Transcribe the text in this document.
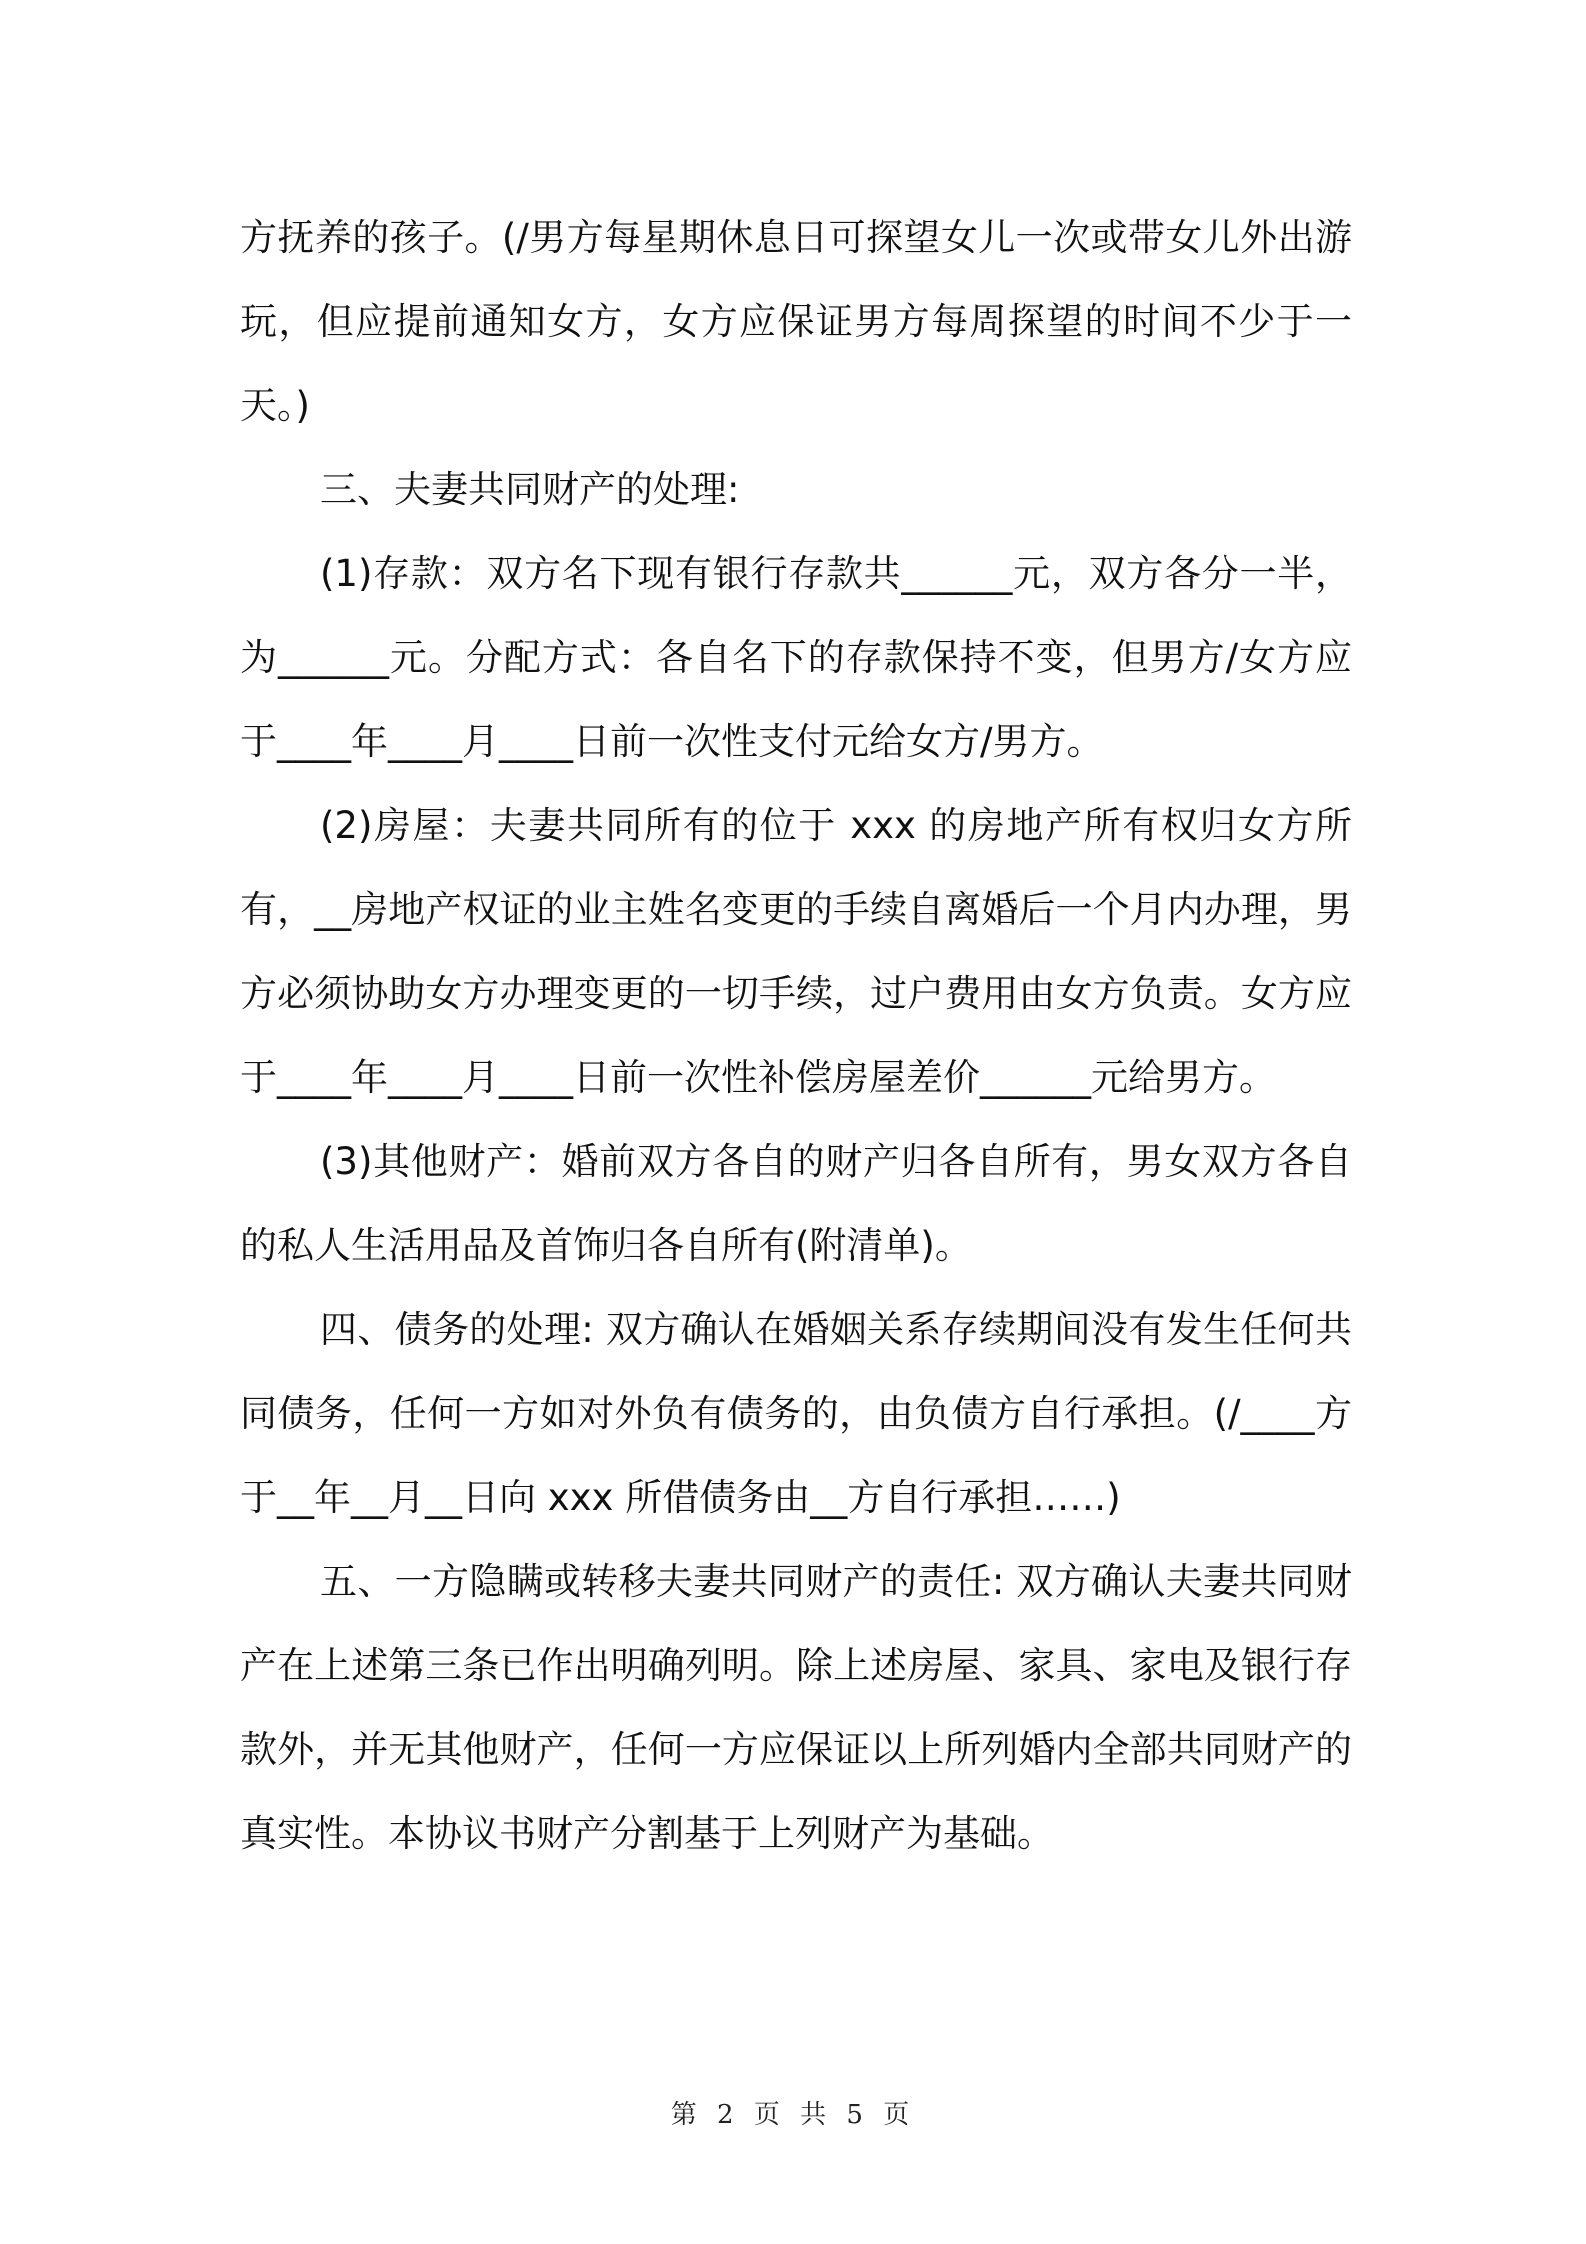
方抚养的孩子。(/男方每星期休息日可探望女儿一次或带女儿外出游玩，但应提前通知女方，女方应保证男方每周探望的时间不少于一天。)

三、夫妻共同财产的处理:

(1)存款：双方名下现有银行存款共______元，双方各分一半，为______元。分配方式：各自名下的存款保持不变，但男方/女方应于____年____月____日前一次性支付元给女方/男方。

(2)房屋：夫妻共同所有的位于 xxx 的房地产所有权归女方所有，__房地产权证的业主姓名变更的手续自离婚后一个月内办理，男方必须协助女方办理变更的一切手续，过户费用由女方负责。女方应于____年____月____日前一次性补偿房屋差价______元给男方。

(3)其他财产：婚前双方各自的财产归各自所有，男女双方各自的私人生活用品及首饰归各自所有(附清单)。

四、债务的处理: 双方确认在婚姻关系存续期间没有发生任何共同债务，任何一方如对外负有债务的，由负债方自行承担。(/____方于__年__月__日向 xxx 所借债务由__方自行承担……)

五、一方隐瞒或转移夫妻共同财产的责任: 双方确认夫妻共同财产在上述第三条已作出明确列明。除上述房屋、家具、家电及银行存款外，并无其他财产，任何一方应保证以上所列婚内全部共同财产的真实性。本协议书财产分割基于上列财产为基础。

第 2 页 共 5 页
